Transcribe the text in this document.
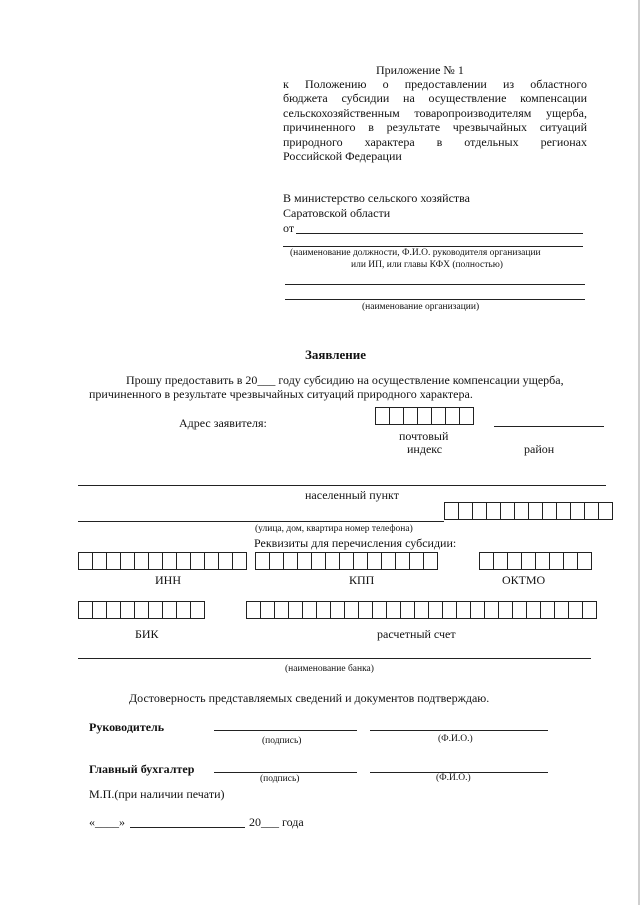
Приложение № 1
к Положению о предоставлении из областного
бюджета субсидии на осуществление компенсации
сельскохозяйственным товаропроизводителям ущерба,
причиненного в результате чрезвычайных ситуаций
природного характера в отдельных регионах
Российской Федерации
В министерство сельского хозяйства
Саратовской области
от
(наименование должности, Ф.И.О. руководителя организации
или ИП, или главы КФХ (полностью)
(наименование организации)
Заявление
Прошу предоставить в 20___ году субсидию на осуществление компенсации ущерба,
причиненного в результате чрезвычайных ситуаций природного характера.
Адрес заявителя:
почтовый
индекс	район
населенный пункт
(улица, дом, квартира номер телефона)
Реквизиты для перечисления субсидии:
ИНН	КПП	ОКТМО
БИК	расчетный счет
(наименование банка)
Достоверность представляемых сведений и документов подтверждаю.
Руководитель
(подпись)	(Ф.И.О.)
Главный бухгалтер
(подпись)	(Ф.И.О.)
М.П.(при наличии печати)
«____»	20___ года
